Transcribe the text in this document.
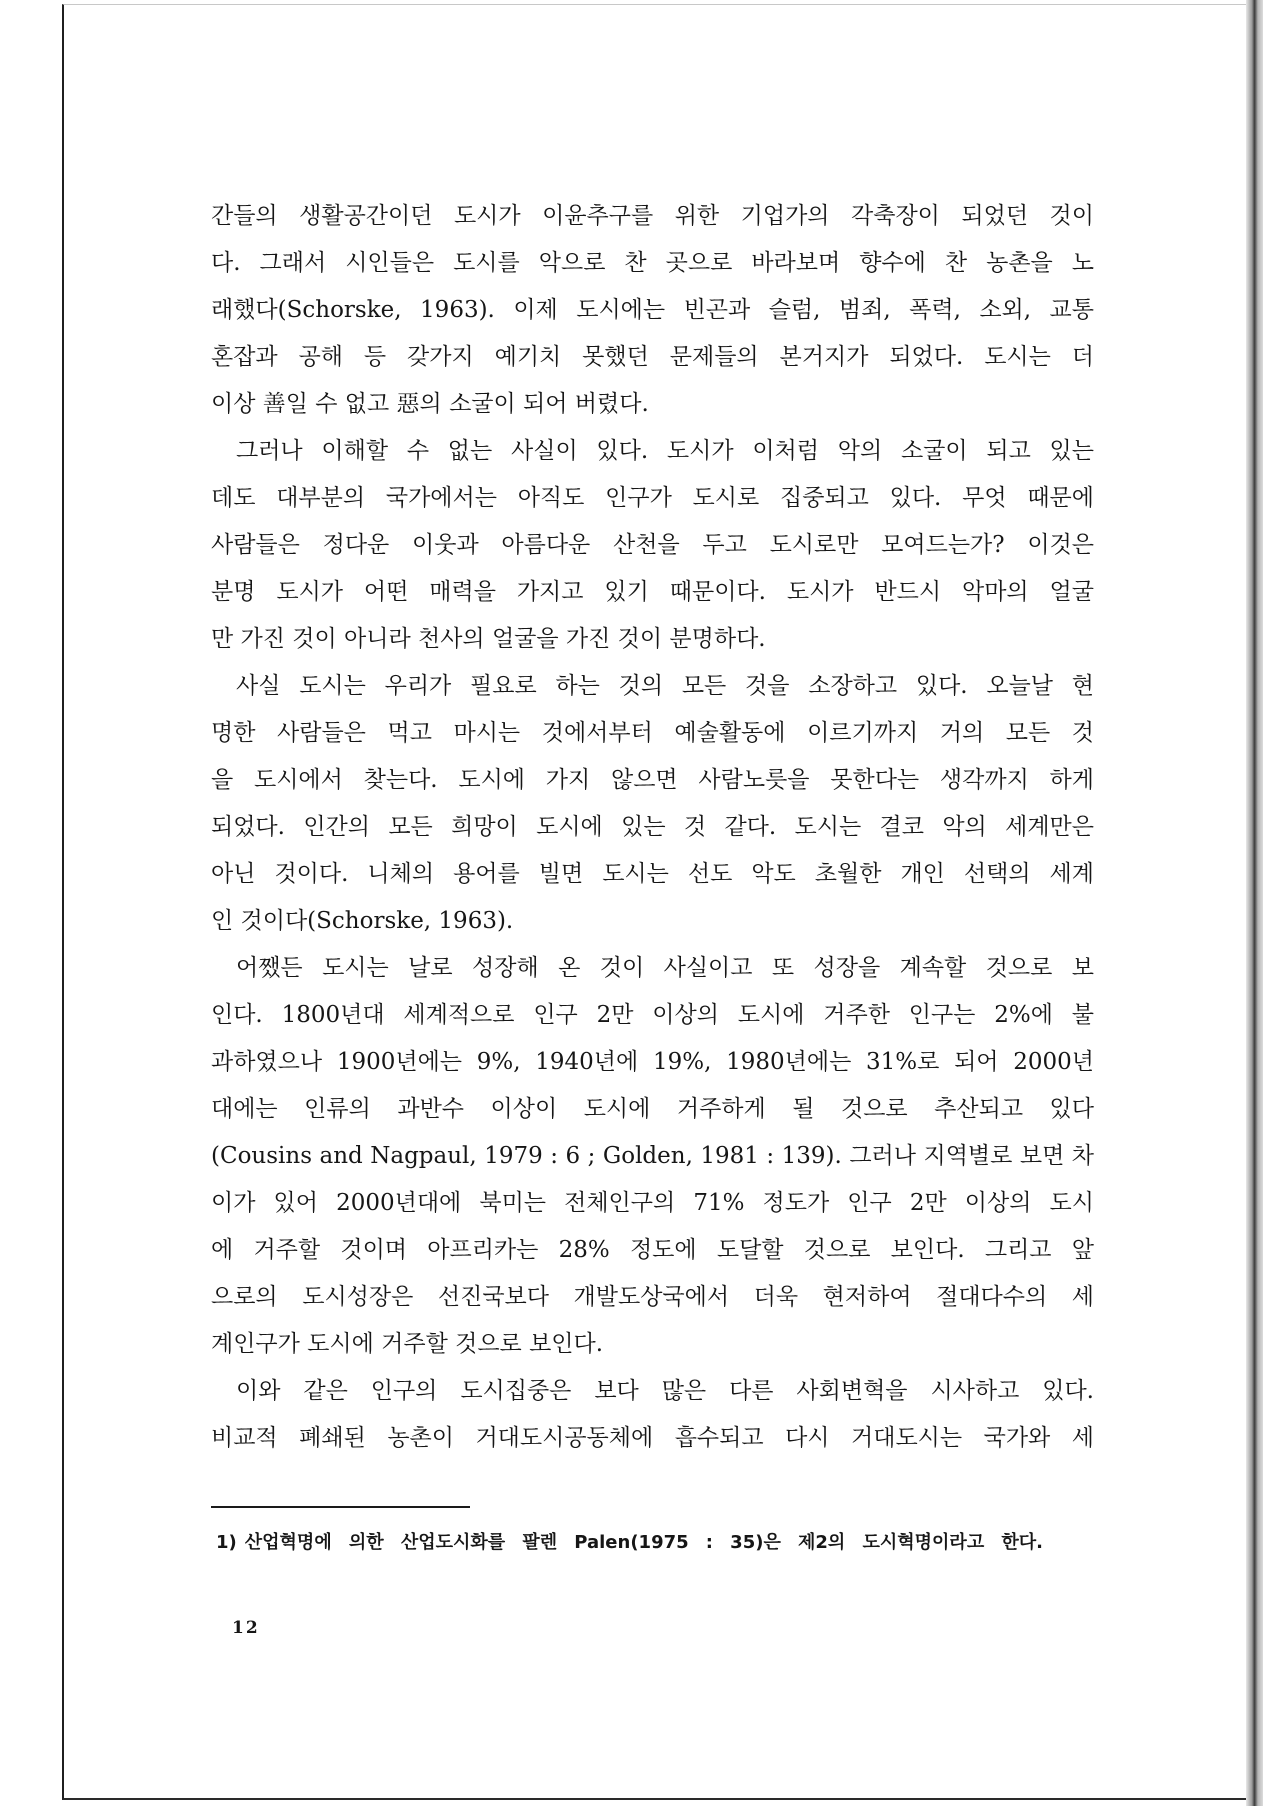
간들의 생활공간이던 도시가 이윤추구를 위한 기업가의 각축장이 되었던 것이
다. 그래서 시인들은 도시를 악으로 찬 곳으로 바라보며 향수에 찬 농촌을 노
래했다(Schorske, 1963). 이제 도시에는 빈곤과 슬럼, 범죄, 폭력, 소외, 교통
혼잡과 공해 등 갖가지 예기치 못했던 문제들의 본거지가 되었다. 도시는 더
이상 善일 수 없고 惡의 소굴이 되어 버렸다.
그러나 이해할 수 없는 사실이 있다. 도시가 이처럼 악의 소굴이 되고 있는
데도 대부분의 국가에서는 아직도 인구가 도시로 집중되고 있다. 무엇 때문에
사람들은 정다운 이웃과 아름다운 산천을 두고 도시로만 모여드는가? 이것은
분명 도시가 어떤 매력을 가지고 있기 때문이다. 도시가 반드시 악마의 얼굴
만 가진 것이 아니라 천사의 얼굴을 가진 것이 분명하다.
사실 도시는 우리가 필요로 하는 것의 모든 것을 소장하고 있다. 오늘날 현
명한 사람들은 먹고 마시는 것에서부터 예술활동에 이르기까지 거의 모든 것
을 도시에서 찾는다. 도시에 가지 않으면 사람노릇을 못한다는 생각까지 하게
되었다. 인간의 모든 희망이 도시에 있는 것 같다. 도시는 결코 악의 세계만은
아닌 것이다. 니체의 용어를 빌면 도시는 선도 악도 초월한 개인 선택의 세계
인 것이다(Schorske, 1963).
어쨌든 도시는 날로 성장해 온 것이 사실이고 또 성장을 계속할 것으로 보
인다. 1800년대 세계적으로 인구 2만 이상의 도시에 거주한 인구는 2%에 불
과하였으나 1900년에는 9%, 1940년에 19%, 1980년에는 31%로 되어 2000년
대에는 인류의 과반수 이상이 도시에 거주하게 될 것으로 추산되고 있다
(Cousins and Nagpaul, 1979 : 6 ; Golden, 1981 : 139). 그러나 지역별로 보면 차
이가 있어 2000년대에 북미는 전체인구의 71% 정도가 인구 2만 이상의 도시
에 거주할 것이며 아프리카는 28% 정도에 도달할 것으로 보인다. 그리고 앞
으로의 도시성장은 선진국보다 개발도상국에서 더욱 현저하여 절대다수의 세
계인구가 도시에 거주할 것으로 보인다.
이와 같은 인구의 도시집중은 보다 많은 다른 사회변혁을 시사하고 있다.
비교적 폐쇄된 농촌이 거대도시공동체에 흡수되고 다시 거대도시는 국가와 세
1) 산업혁명에 의한 산업도시화를 팔렌 Palen(1975 : 35)은 제2의 도시혁명이라고 한다.
12
